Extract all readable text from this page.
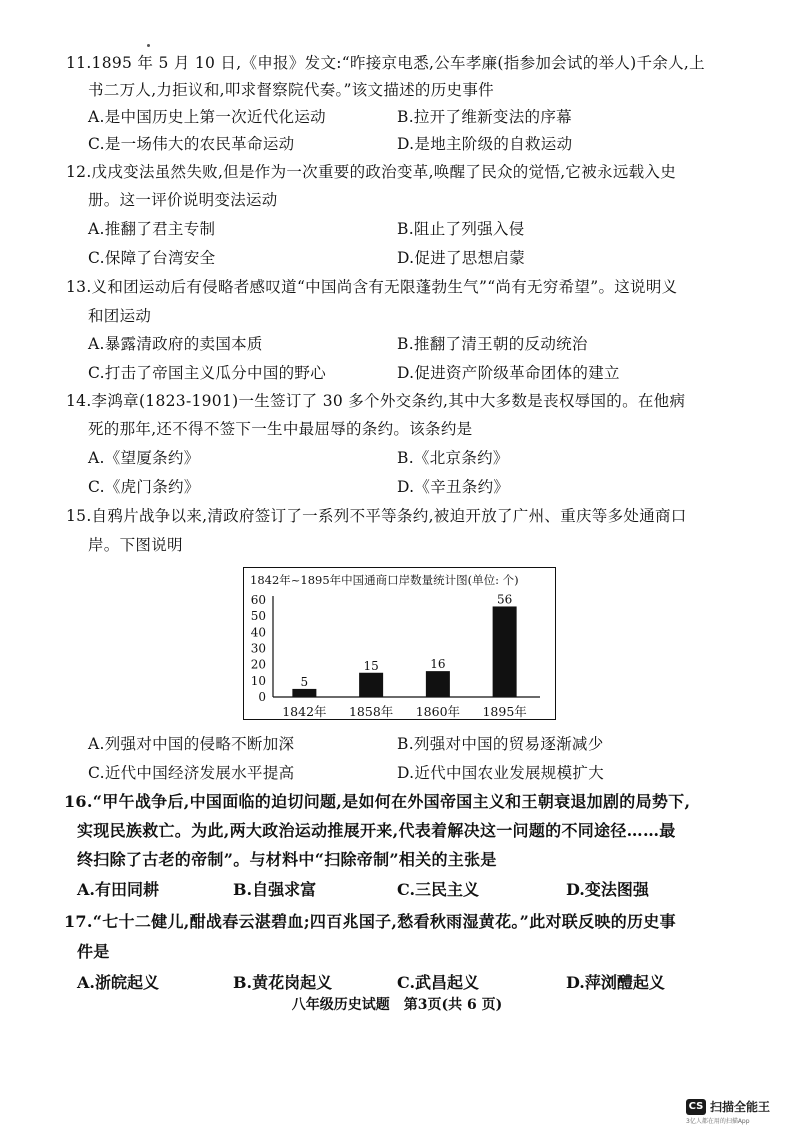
11.1895 年 5 月 10 日,《申报》发文:“昨接京电悉,公车孝廉(指参加会试的举人)千余人,上
书二万人,力拒议和,叩求督察院代奏。”该文描述的历史事件
A.是中国历史上第一次近代化运动	B.拉开了维新变法的序幕
C.是一场伟大的农民革命运动	D.是地主阶级的自救运动
12.戊戌变法虽然失败,但是作为一次重要的政治变革,唤醒了民众的觉悟,它被永远载入史
册。这一评价说明变法运动
A.推翻了君主专制	B.阻止了列强入侵
C.保障了台湾安全	D.促进了思想启蒙
13.义和团运动后有侵略者感叹道“中国尚含有无限蓬勃生气”“尚有无穷希望”。这说明义
和团运动
A.暴露清政府的卖国本质	B.推翻了清王朝的反动统治
C.打击了帝国主义瓜分中国的野心	D.促进资产阶级革命团体的建立
14.李鸿章(1823-1901)一生签订了 30 多个外交条约,其中大多数是丧权辱国的。在他病
死的那年,还不得不签下一生中最屈辱的条约。该条约是
A.《望厦条约》	B.《北京条约》
C.《虎门条约》	D.《辛丑条约》
15.自鸦片战争以来,清政府签订了一系列不平等条约,被迫开放了广州、重庆等多处通商口
岸。下图说明
1842年~1895年中国通商口岸数量统计图(单位: 个)
0
10
20
30
40
50
60
5
1842年
15
1858年
16
1860年
56
1895年
A.列强对中国的侵略不断加深	B.列强对中国的贸易逐渐减少
C.近代中国经济发展水平提高	D.近代中国农业发展规模扩大
16.“甲午战争后,中国面临的迫切问题,是如何在外国帝国主义和王朝衰退加剧的局势下,
实现民族救亡。为此,两大政治运动推展开来,代表着解决这一问题的不同途径……最
终扫除了古老的帝制”。与材料中“扫除帝制”相关的主张是
A.有田同耕	B.自强求富	C.三民主义	D.变法图强
17.“七十二健儿,酣战春云湛碧血;四百兆国子,愁看秋雨湿黄花。”此对联反映的历史事
件是
A.浙皖起义	B.黄花岗起义	C.武昌起义	D.萍浏醴起义
八年级历史试题　第3页(共 6 页)
CS 扫描全能王
3亿人都在用的扫描App
